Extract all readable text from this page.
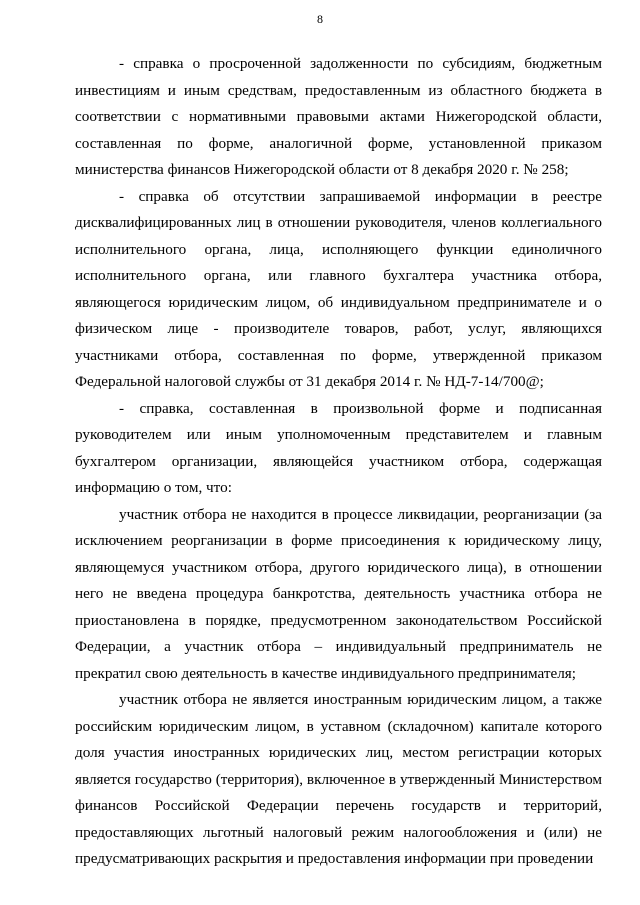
8

- справка о просроченной задолженности по субсидиям, бюджетным инвестициям и иным средствам, предоставленным из областного бюджета в соответствии с нормативными правовыми актами Нижегородской области, составленная по форме, аналогичной форме, установленной приказом министерства финансов Нижегородской области от 8 декабря 2020 г. № 258;

- справка об отсутствии запрашиваемой информации в реестре дисквалифицированных лиц в отношении руководителя, членов коллегиального исполнительного органа, лица, исполняющего функции единоличного исполнительного органа, или главного бухгалтера участника отбора, являющегося юридическим лицом, об индивидуальном предпринимателе и о физическом лице - производителе товаров, работ, услуг, являющихся участниками отбора, составленная по форме, утвержденной приказом Федеральной налоговой службы от 31 декабря 2014 г. № НД-7-14/700@;

- справка, составленная в произвольной форме и подписанная руководителем или иным уполномоченным представителем и главным бухгалтером организации, являющейся участником отбора, содержащая информацию о том, что:

участник отбора не находится в процессе ликвидации, реорганизации (за исключением реорганизации в форме присоединения к юридическому лицу, являющемуся участником отбора, другого юридического лица), в отношении него не введена процедура банкротства, деятельность участника отбора не приостановлена в порядке, предусмотренном законодательством Российской Федерации, а участник отбора – индивидуальный предприниматель не прекратил свою деятельность в качестве индивидуального предпринимателя;

участник отбора не является иностранным юридическим лицом, а также российским юридическим лицом, в уставном (складочном) капитале которого доля участия иностранных юридических лиц, местом регистрации которых является государство (территория), включенное в утвержденный Министерством финансов Российской Федерации перечень государств и территорий, предоставляющих льготный налоговый режим налогообложения и (или) не предусматривающих раскрытия и предоставления информации при проведении
